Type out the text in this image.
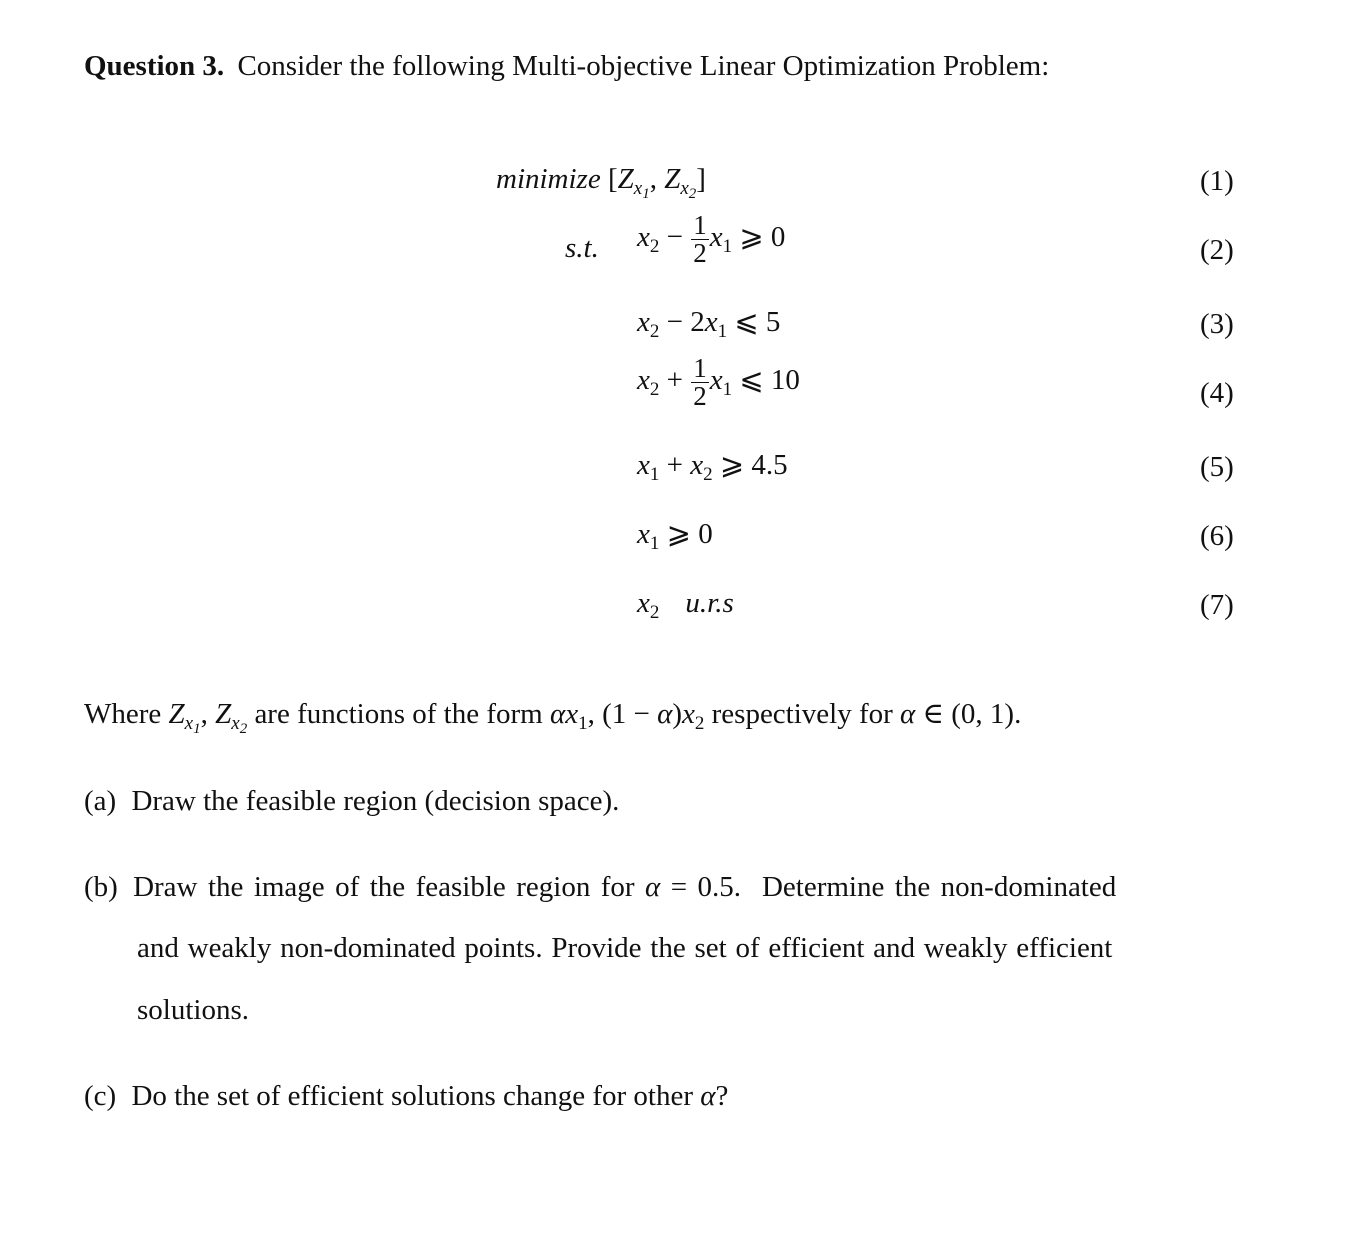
Question 3. Consider the following Multi-objective Linear Optimization Problem:
minimize [$Z_{x_1}$, $Z_{x_2}$]
s.t. $x_2 - \frac{1}{2} x_1$ ⩾ 0
$x_2 - 2x_1$ ⩽ 5
$x_2 + \frac{1}{2} x_1$ ⩽ 10
$x_1 + x_2$ ⩾ 4.5
$x_1$ ⩾ 0
$x_2$ u.r.s
(1)
(2)
(3)
(4)
(5)
(6)
(7)
Where $Z_{x_1}$, $Z_{x_2}$ are functions of the form $\alpha x_1$, $(1 - \alpha)x_2$ respectively for α ∈ (0, 1).
(a) Draw the feasible region (decision space).
(b) Draw the image of the feasible region for α = 0.5. Determine the non-dominated
and weakly non-dominated points. Provide the set of efficient and weakly efficient
solutions.
(c) Do the set of efficient solutions change for other α?
